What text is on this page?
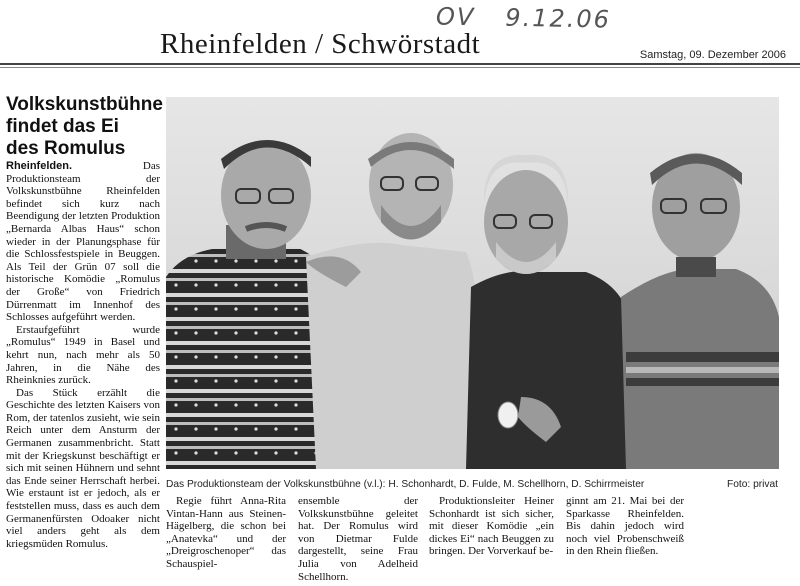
OV 9.12.06
Rheinfelden / Schwörstadt	Samstag, 09. Dezember 2006
Volkskunstbühne
findet das Ei
des Romulus

Rheinfelden.	Das Produktionsteam der Volkskunstbühne Rheinfelden befindet sich kurz nach Beendigung der letzten Produktion „Bernarda Albas Haus“ schon wieder in der Planungsphase für die Schlossfestspiele in Beuggen. Als Teil der Grün 07 soll die historische Komödie „Romulus der Große“ von Friedrich Dürrenmatt im Innenhof des Schlosses aufgeführt werden.

Erstaufgeführt wurde „Romulus“ 1949 in Basel und kehrt nun, nach mehr als 50 Jahren, in die Nähe des Rheinknies zurück.

Das Stück erzählt die Geschichte des letzten Kaisers von Rom, der tatenlos zusieht, wie sein Reich unter dem Ansturm der Germanen zusammenbricht. Statt mit der Kriegskunst beschäftigt er sich mit seinen Hühnern und sehnt das Ende seiner Herrschaft herbei. Wie erstaunt ist er jedoch, als er feststellen muss, dass es auch dem Germanenfürsten Odoaker nicht viel anders geht als dem kriegsmüden Romulus.

Das Produktionsteam der Volkskunstbühne (v.l.): H. Schonhardt, D. Fulde, M. Schellhorn, D. Schirrmeister	Foto: privat

Regie führt Anna-Rita Vintan-Hann aus Steinen-Hägelberg, die schon bei „Anatevka“ und der „Dreigroschenoper“ das Schauspiel-

ensemble der Volkskunstbühne geleitet hat. Der Romulus wird von Dietmar Fulde dargestellt, seine Frau Julia von Adelheid Schellhorn.

Produktionsleiter Heiner Schonhardt ist sich sicher, mit dieser Komödie „ein dickes Ei“ nach Beuggen zu bringen. Der Vorverkauf be-

ginnt am 21. Mai bei der Sparkasse Rheinfelden. Bis dahin jedoch wird noch viel Probenschweiß in den Rhein fließen.
